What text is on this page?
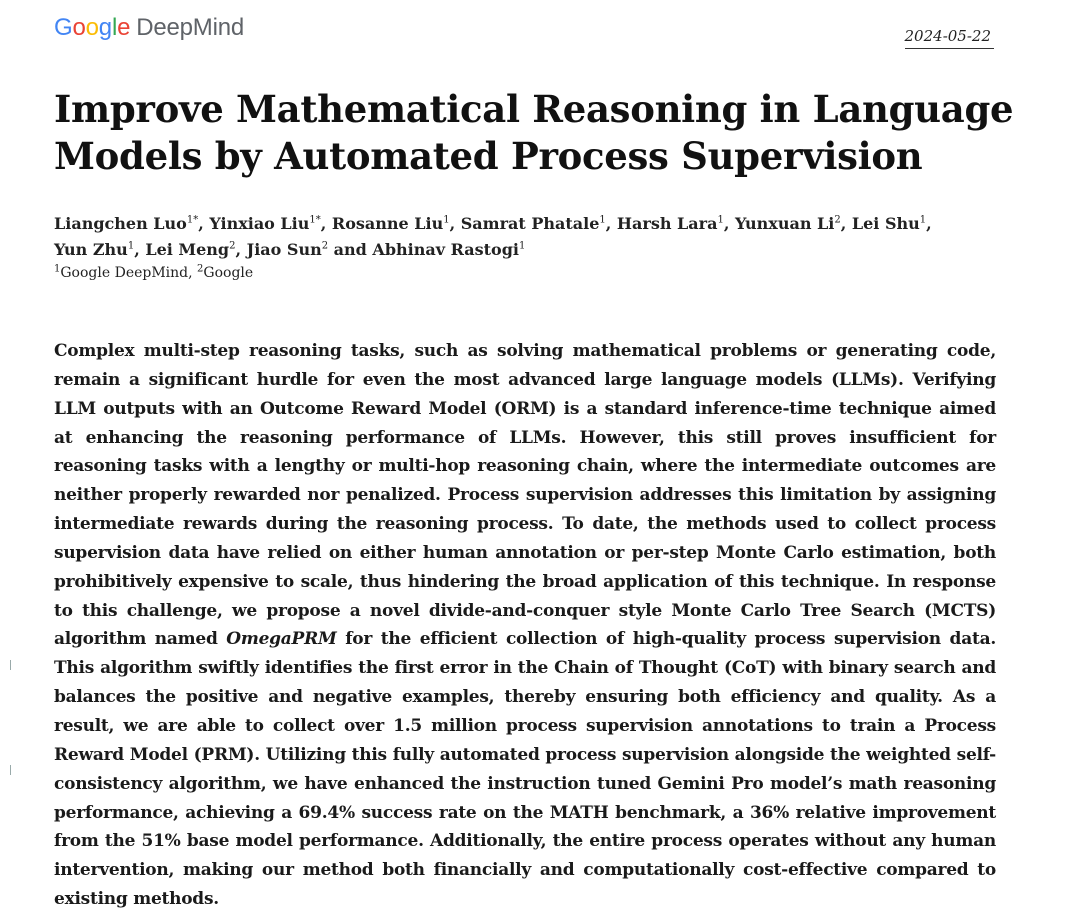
Google DeepMind	2024-05-22
Improve Mathematical Reasoning in Language Models by Automated Process Supervision
Liangchen Luo$^{1*}$, Yinxiao Liu$^{1*}$, Rosanne Liu$^1$, Samrat Phatale$^1$, Harsh Lara$^1$, Yunxuan Li$^2$, Lei Shu$^1$, Yun Zhu$^1$, Lei Meng$^2$, Jiao Sun$^2$ and Abhinav Rastogi$^1$
$^1$Google DeepMind, $^2$Google

Complex multi-step reasoning tasks, such as solving mathematical problems or generating code, remain a significant hurdle for even the most advanced large language models (LLMs). Verifying LLM outputs with an Outcome Reward Model (ORM) is a standard inference-time technique aimed at enhancing the reasoning performance of LLMs. However, this still proves insufficient for reasoning tasks with a lengthy or multi-hop reasoning chain, where the intermediate outcomes are neither properly rewarded nor penalized. Process supervision addresses this limitation by assigning intermediate rewards during the reasoning process. To date, the methods used to collect process supervision data have relied on either human annotation or per-step Monte Carlo estimation, both prohibitively expensive to scale, thus hindering the broad application of this technique. In response to this challenge, we propose a novel divide-and-conquer style Monte Carlo Tree Search (MCTS) algorithm named OmegaPRM for the efficient collection of high-quality process supervision data. This algorithm swiftly identifies the first error in the Chain of Thought (CoT) with binary search and balances the positive and negative examples, thereby ensuring both efficiency and quality. As a result, we are able to collect over 1.5 million process supervision annotations to train a Process Reward Model (PRM). Utilizing this fully automated process supervision alongside the weighted self-consistency algorithm, we have enhanced the instruction tuned Gemini Pro model’s math reasoning performance, achieving a 69.4% success rate on the MATH benchmark, a 36% relative improvement from the 51% base model performance. Additionally, the entire process operates without any human intervention, making our method both financially and computationally cost-effective compared to existing methods.
